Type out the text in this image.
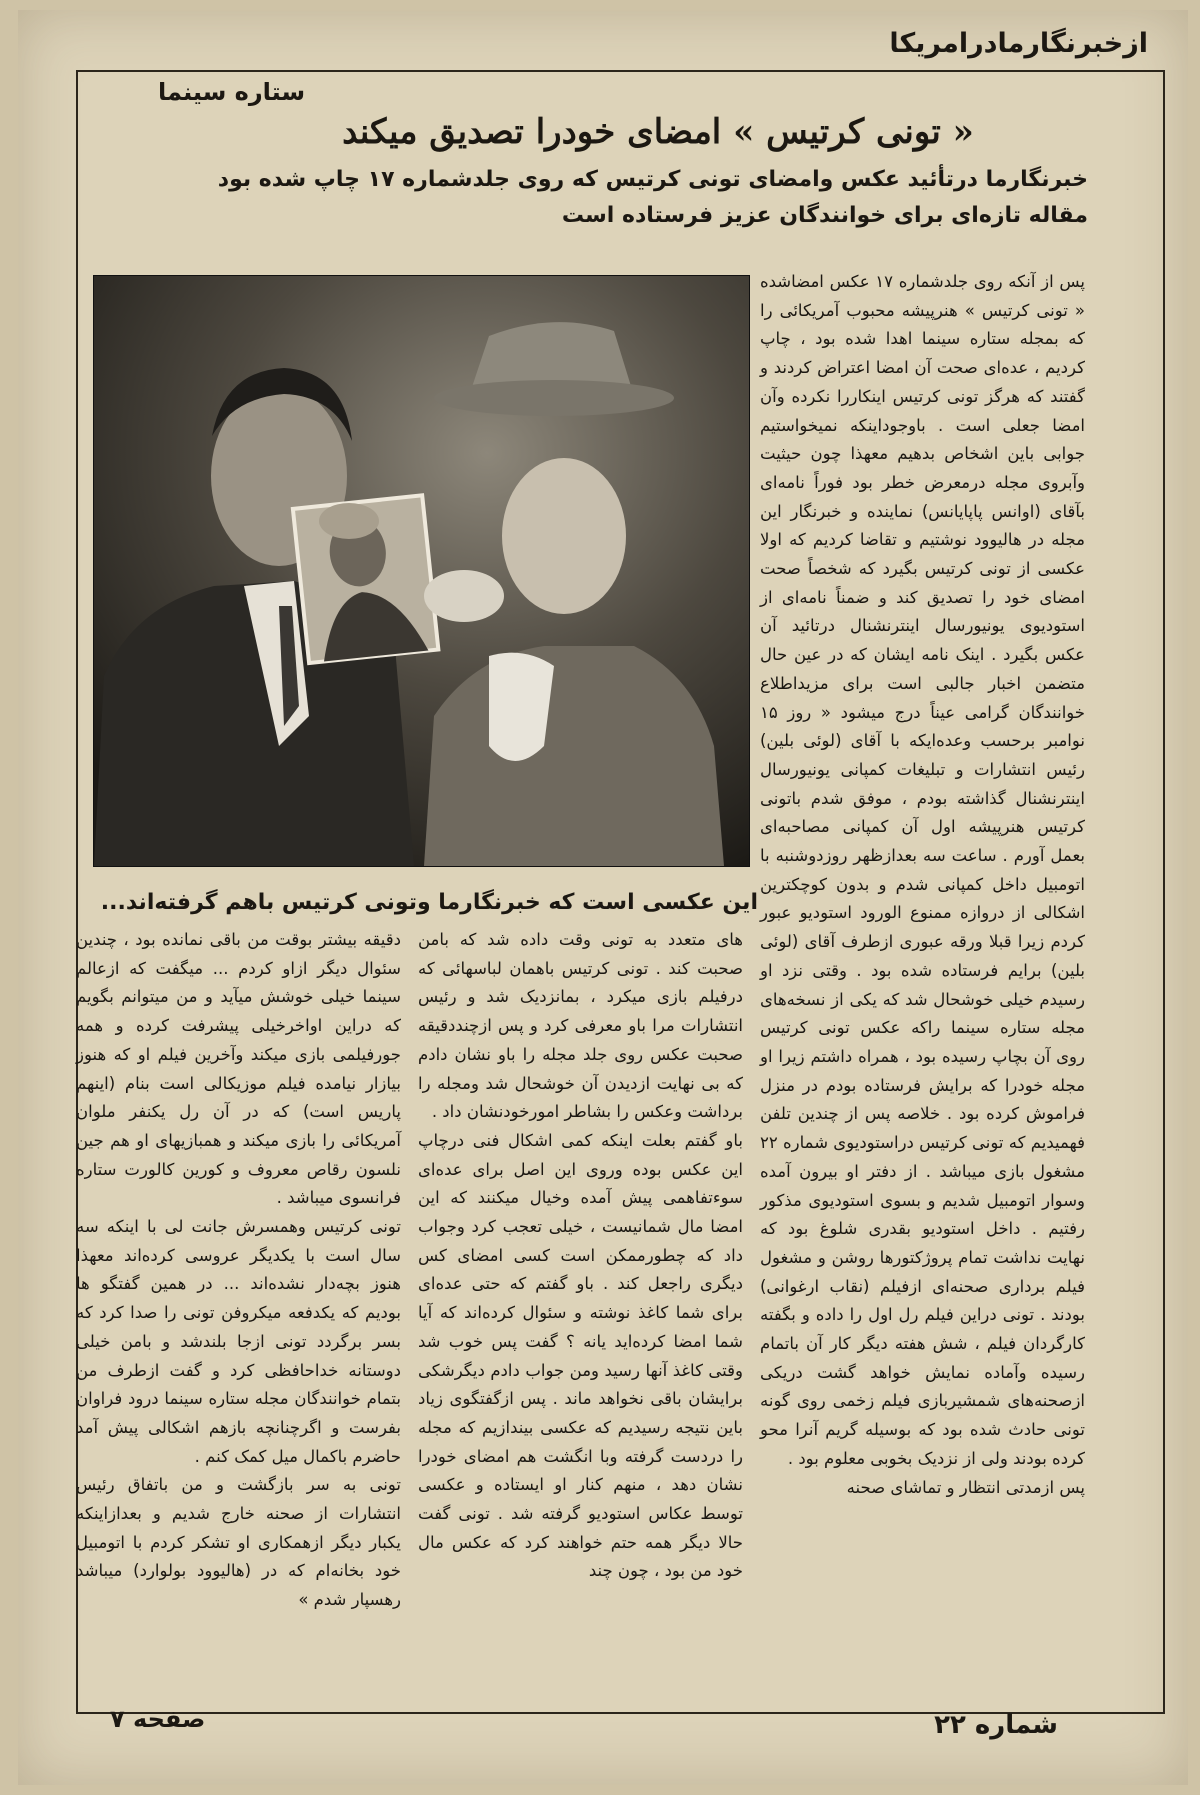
ازخبرنگارمادرامریکا
ستاره سینما
« تونی کرتیس » امضای خودرا تصدیق میکند
خبرنگارما درتأئید عکس وامضای تونی کرتیس که روی جلدشماره ۱۷ چاپ شده بود
مقاله تازه‌ای برای خوانندگان عزیز فرستاده است
این عکسی است که خبرنگارما وتونی کرتیس باهم گرفته‌اند...

پس از آنکه روی جلدشماره ۱۷ عکس امضاشده « تونی کرتیس » هنرپیشه محبوب آمریکائی را که بمجله ستاره سینما اهدا شده بود ، چاپ کردیم ، عده‌ای صحت آن امضا اعتراض کردند و گفتند که هرگز تونی کرتیس اینکاررا نکرده وآن امضا جعلی است . باوجوداینکه نمیخواستیم جوابی باین اشخاص بدهیم معهذا چون حیثیت وآبروی مجله درمعرض خطر بود فوراً نامه‌ای بآقای (اوانس پاپایانس) نماینده و خبرنگار این مجله در هالیوود نوشتیم و تقاضا کردیم که اولا عکسی از تونی کرتیس بگیرد که شخصاً صحت امضای خود را تصدیق کند و ضمناً نامه‌ای از استودیوی یونیورسال اینترنشنال درتائید آن عکس بگیرد . اینک نامه ایشان که در عین حال متضمن اخبار جالبی است برای مزیداطلاع خوانندگان گرامی عیناً درج میشود « روز ۱۵ نوامبر برحسب وعده‌ایکه با آقای (لوئی بلین) رئیس انتشارات و تبلیغات کمپانی یونیورسال اینترنشنال گذاشته بودم ، موفق شدم باتونی کرتیس هنرپیشه اول آن کمپانی مصاحبه‌ای بعمل آورم . ساعت سه بعدازظهر روزدوشنبه با اتومبیل داخل کمپانی شدم و بدون کوچکترین اشکالی از دروازه ممنوع الورود استودیو عبور کردم زیرا قبلا ورقه عبوری ازطرف آقای (لوئی بلین) برایم فرستاده شده بود . وقتی نزد او رسیدم خیلی خوشحال شد که یکی از نسخه‌های مجله ستاره سینما راکه عکس تونی کرتیس روی آن بچاپ رسیده بود ، همراه داشتم زیرا او مجله خودرا که برایش فرستاده بودم در منزل فراموش کرده بود . خلاصه پس از چندین تلفن فهمیدیم که تونی کرتیس دراستودیوی شماره ۲۲ مشغول بازی میباشد . از دفتر او بیرون آمده وسوار اتومبیل شدیم و بسوی استودیوی مذکور رفتیم . داخل استودیو بقدری شلوغ بود که نهایت نداشت تمام پروژکتورها روشن و مشغول فیلم برداری صحنه‌ای ازفیلم (نقاب ارغوانی) بودند . تونی دراین فیلم رل اول را داده و بگفته کارگردان فیلم ، شش هفته دیگر کار آن باتمام رسیده وآماده نمایش خواهد گشت دریکی ازصحنه‌های شمشیربازی فیلم زخمی روی گونه تونی حادث شده بود که بوسیله گریم آنرا محو کرده بودند ولی از نزدیک بخوبی معلوم بود .

پس ازمدتی انتظار و تماشای صحنه

های متعدد به تونی وقت داده شد که بامن صحبت کند . تونی کرتیس باهمان لباسهائی که درفیلم بازی میکرد ، بمانزدیک شد و رئیس انتشارات مرا باو معرفی کرد و پس ازچنددقیقه صحبت عکس روی جلد مجله را باو نشان دادم که بی نهایت ازدیدن آن خوشحال شد ومجله را برداشت وعکس را بشاطر امورخودنشان داد .

باو گفتم بعلت اینکه کمی اشکال فنی درچاپ این عکس بوده وروی این اصل برای عده‌ای سوءتفاهمی پیش آمده وخیال میکنند که این امضا مال شمانیست ، خیلی تعجب کرد وجواب داد که چطورممکن است کسی امضای کس دیگری راجعل کند . باو گفتم که حتی عده‌ای برای شما کاغذ نوشته و سئوال کرده‌اند که آیا شما امضا کرده‌اید یانه ؟ گفت پس خوب شد وقتی کاغذ آنها رسید ومن جواب دادم دیگرشکی برایشان باقی نخواهد ماند . پس ازگفتگوی زیاد باین نتیجه رسیدیم که عکسی بیندازیم که مجله را دردست گرفته وبا انگشت هم امضای خودرا نشان دهد ، منهم کنار او ایستاده و عکسی توسط عکاس استودیو گرفته شد . تونی گفت حالا دیگر همه حتم خواهند کرد که عکس مال خود من بود ، چون چند

دقیقه بیشتر بوقت من باقی نمانده بود ، چندین سئوال دیگر ازاو کردم ... میگفت که ازعالم سینما خیلی خوشش میآید و من میتوانم بگویم که دراین اواخرخیلی پیشرفت کرده و همه جورفیلمی بازی میکند وآخرین فیلم او که هنوز بیازار نیامده فیلم موزیکالی است بنام (اینهم پاریس است) که در آن رل یکنفر ملوان آمریکائی را بازی میکند و همبازیهای او هم جین نلسون رقاص معروف و کورین کالورت ستاره فرانسوی میباشد .

تونی کرتیس وهمسرش جانت لی با اینکه سه سال است با یکدیگر عروسی کرده‌اند معهذا هنوز بچه‌دار نشده‌اند ... در همین گفتگو ها بودیم که یکدفعه میکروفن تونی را صدا کرد که بسر برگردد تونی ازجا بلندشد و بامن خیلی دوستانه خداحافظی کرد و گفت ازطرف من بتمام خوانندگان مجله ستاره سینما درود فراوان بفرست و اگرچنانچه بازهم اشکالی پیش آمد حاضرم باکمال میل کمک کنم .

تونی به سر بازگشت و من باتفاق رئیس انتشارات از صحنه خارج شدیم و بعدازاینکه یکبار دیگر ازهمکاری او تشکر کردم با اتومبیل خود بخانه‌ام که در (هالیوود بولوارد) میباشد رهسپار شدم »

صفحه ۷	شماره ۲۲
